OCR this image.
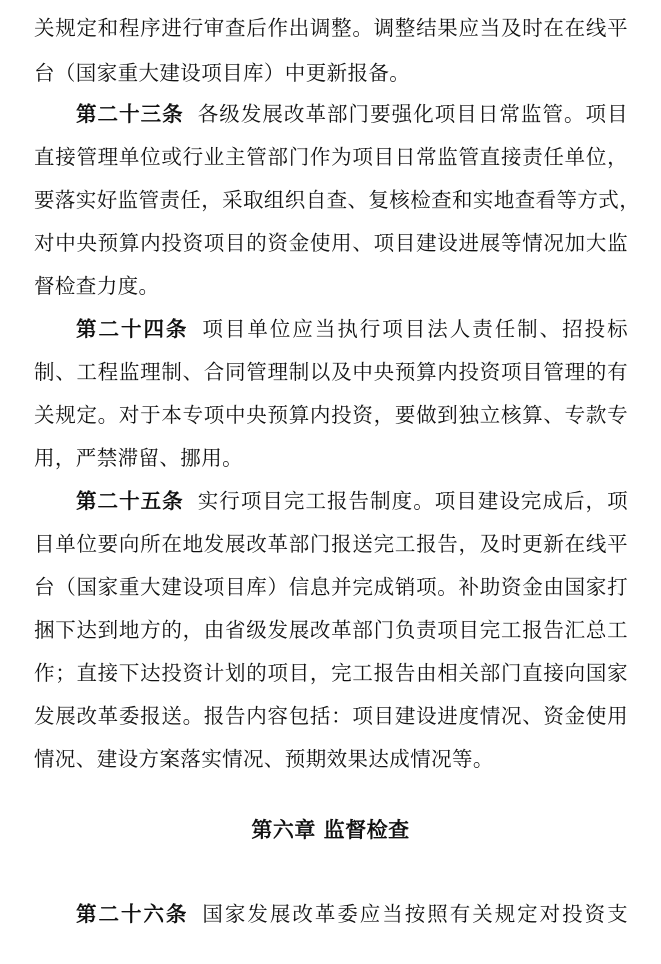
关规定和程序进行审查后作出调整。调整结果应当及时在在线平
台（国家重大建设项目库）中更新报备。
第二十三条 各级发展改革部门要强化项目日常监管。项目
直接管理单位或行业主管部门作为项目日常监管直接责任单位，
要落实好监管责任，采取组织自查、复核检查和实地查看等方式，
对中央预算内投资项目的资金使用、项目建设进展等情况加大监
督检查力度。
第二十四条 项目单位应当执行项目法人责任制、招投标
制、工程监理制、合同管理制以及中央预算内投资项目管理的有
关规定。对于本专项中央预算内投资，要做到独立核算、专款专
用，严禁滞留、挪用。
第二十五条 实行项目完工报告制度。项目建设完成后，项
目单位要向所在地发展改革部门报送完工报告，及时更新在线平
台（国家重大建设项目库）信息并完成销项。补助资金由国家打
捆下达到地方的，由省级发展改革部门负责项目完工报告汇总工
作；直接下达投资计划的项目，完工报告由相关部门直接向国家
发展改革委报送。报告内容包括：项目建设进度情况、资金使用
情况、建设方案落实情况、预期效果达成情况等。
第六章 监督检查
第二十六条 国家发展改革委应当按照有关规定对投资支
